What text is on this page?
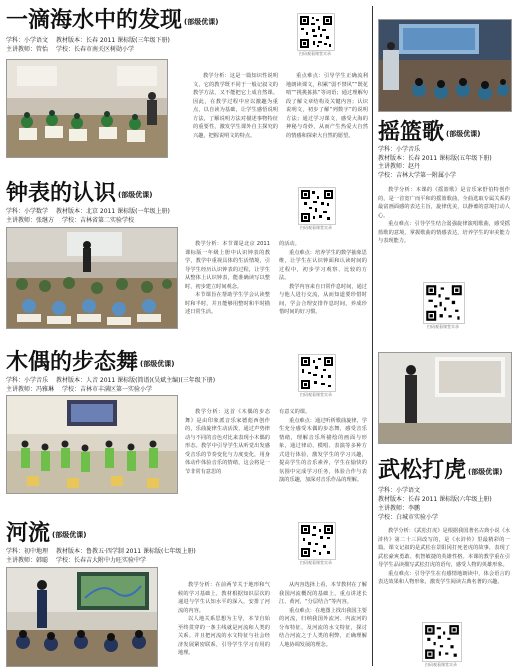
一滴海水中的发现 (部级优课)
学科：小学语文 教材版本：长春 2011 课标版(三年级下册)
主讲教师：管怡 学校：长春市南关区树勋小学
扫码观看课堂实录

教学分析：这是一篇知识性说明文，它的教学既不同于一般记叙文的教学方法，又不能把它上成自然课。因此，在教学过程中应以激趣为重点，以自读为基础，让学生感悟说明方法，了解说明方法对描述事物特征的重要性，激发学生课外自主探究的兴趣，把握说明文的特点。

重点难点：引导学生正确流利地朗读课文，积累“弱不禁风”“既花哨”“挑挑拣拣”等词语；通过理解句段了解文章结构及关键内容；认识说明文，初步了解“列数字”的说明方法；通过学习课文，感受大海的神秘与奇妙，从而产生热爱大自然的情感和探索大自然的愿望。	摇篮歌 (部级优课)
学科：小学音乐
教材版本：长春 2011 课标版(五年级下册)
主讲教师：赵丹
学校：吉林大学第一附属小学

教学分析：本课的《摇篮歌》是音乐家舒伯特创作的，是一首宽广而平和的摇篮歌曲，全曲选取专属关系的最富画面感的表达主旨，旋律优美，以静谧的意境打动人心。

重点难点：引导学生结合弱强旋律演唱歌曲，感受摇篮歌的意境，掌握歌曲的情感表达，培养学生的审美能力与表现能力。

扫码观看课堂实录
钟表的认识 (部级优课)
学科：小学数学 教材版本：北京 2011 课标版(一年级上册)
主讲教师：张继方 学校：吉林省第二实验学校
扫码观看课堂实录

教学分析：本节课是北京 2011 课标版一年级上册中认识钟表的教学，教学中重视具体的生活情境，引导学生经历认识钟表的过程，让学生从整体上认识钟表，能准确读写以整时，初步建立时间观念。

本节课旨在帮助学生学会认读整时和半时，并且能够用整时和半时描述日常生活。

的活动。

重点难点：培养学生的数学抽象思维，让学生在认识钟面和认读时间的过程中，初步学习观察、比较的方法。

教学内容来自日常作息时间，通过与他人进行交流，从而知道要珍惜时间，学会合理安排作息时间，养成珍惜时间的好习惯。

木偶的步态舞 (部级优课)
学科：小学音乐 教材版本：人音 2011 课标版(简谱)(吴斌主编)(三年级下册)
主讲教师：冯雅琳 学校：吉林市丰满区第一实验小学
扫码观看课堂实录

教学分析：这首《木偶的步态舞》是由印象派音乐家德彪西创作的，乐曲旋律生动活泼，通过声势律动与不同的音色对比来表现小木偶的形态。教学中引导学生从听觉出发感受音乐的节奏变化与力度变化，用身体动作体验音乐的情绪，这会将是一节非常有意思的

有意义的课。

重点难点：通过听析歌曲旋律，学生充分感受木偶的步态舞，感受音乐情绪，理解音乐所描绘的画面与形象，通过律动、模唱、表演等多种方式进行体验，激发学生的学习兴趣，提高学生的音乐素养，学生在愉快的氛围中完成学习任务，体验合作与表演的乐趣，加深对音乐作品的理解。 武松打虎 (部级优课)
学科：小学语文
教材版本：长春 2011 课标版(六年级上册)
主讲教师：李鹏
学校：白城市实验小学

教学分析：《武松打虎》是根据我国著名古典小说《水浒传》第二十三回改写的，是《水浒传》里最精彩的一篇。课文记叙的是武松在景阳冈打死老虎的故事，表现了武松豪爽勇敢、机智敏捷的英雄性格。本课的教学重在引导学生品读描写武松打虎的语句，感受人物的英雄形象。

重点难点：引导学生在有感情地朗读中，体会语言的表达效果和人物形象，激发学生阅读古典名著的兴趣。

扫码观看课堂实录
河流 (部级优课)
学科：初中地理 教材版本：鲁教五·四学制 2011 课标版(七年级上册)
主讲教师：韩聪 学校：长春吉大附中力旺实验中学	扫码观看课堂实录

教学分析：在前两节关于地形和气候的学习基础上，教材根据知识层次的递进与学生认知水平的深入，安排了河流的内容。

以人地关系思想为主导，本节自始至终贯穿的一条主线就是河流和人类的关系。并且把河流的水文特征与社会经济发展紧密联系，引导学生学习有用的地理。

从内容选择上看，本节教材在了解我国河流概况的基础上，重点讲述长江、黄河，“分层结合”等内容。

重点难点：在地图上找出我国主要的河流，归纳我国外流河、内流河的分布特征，及河流的水文特征，探讨结合河流之于人类的利弊，正确理解人地协调发展的理念。
